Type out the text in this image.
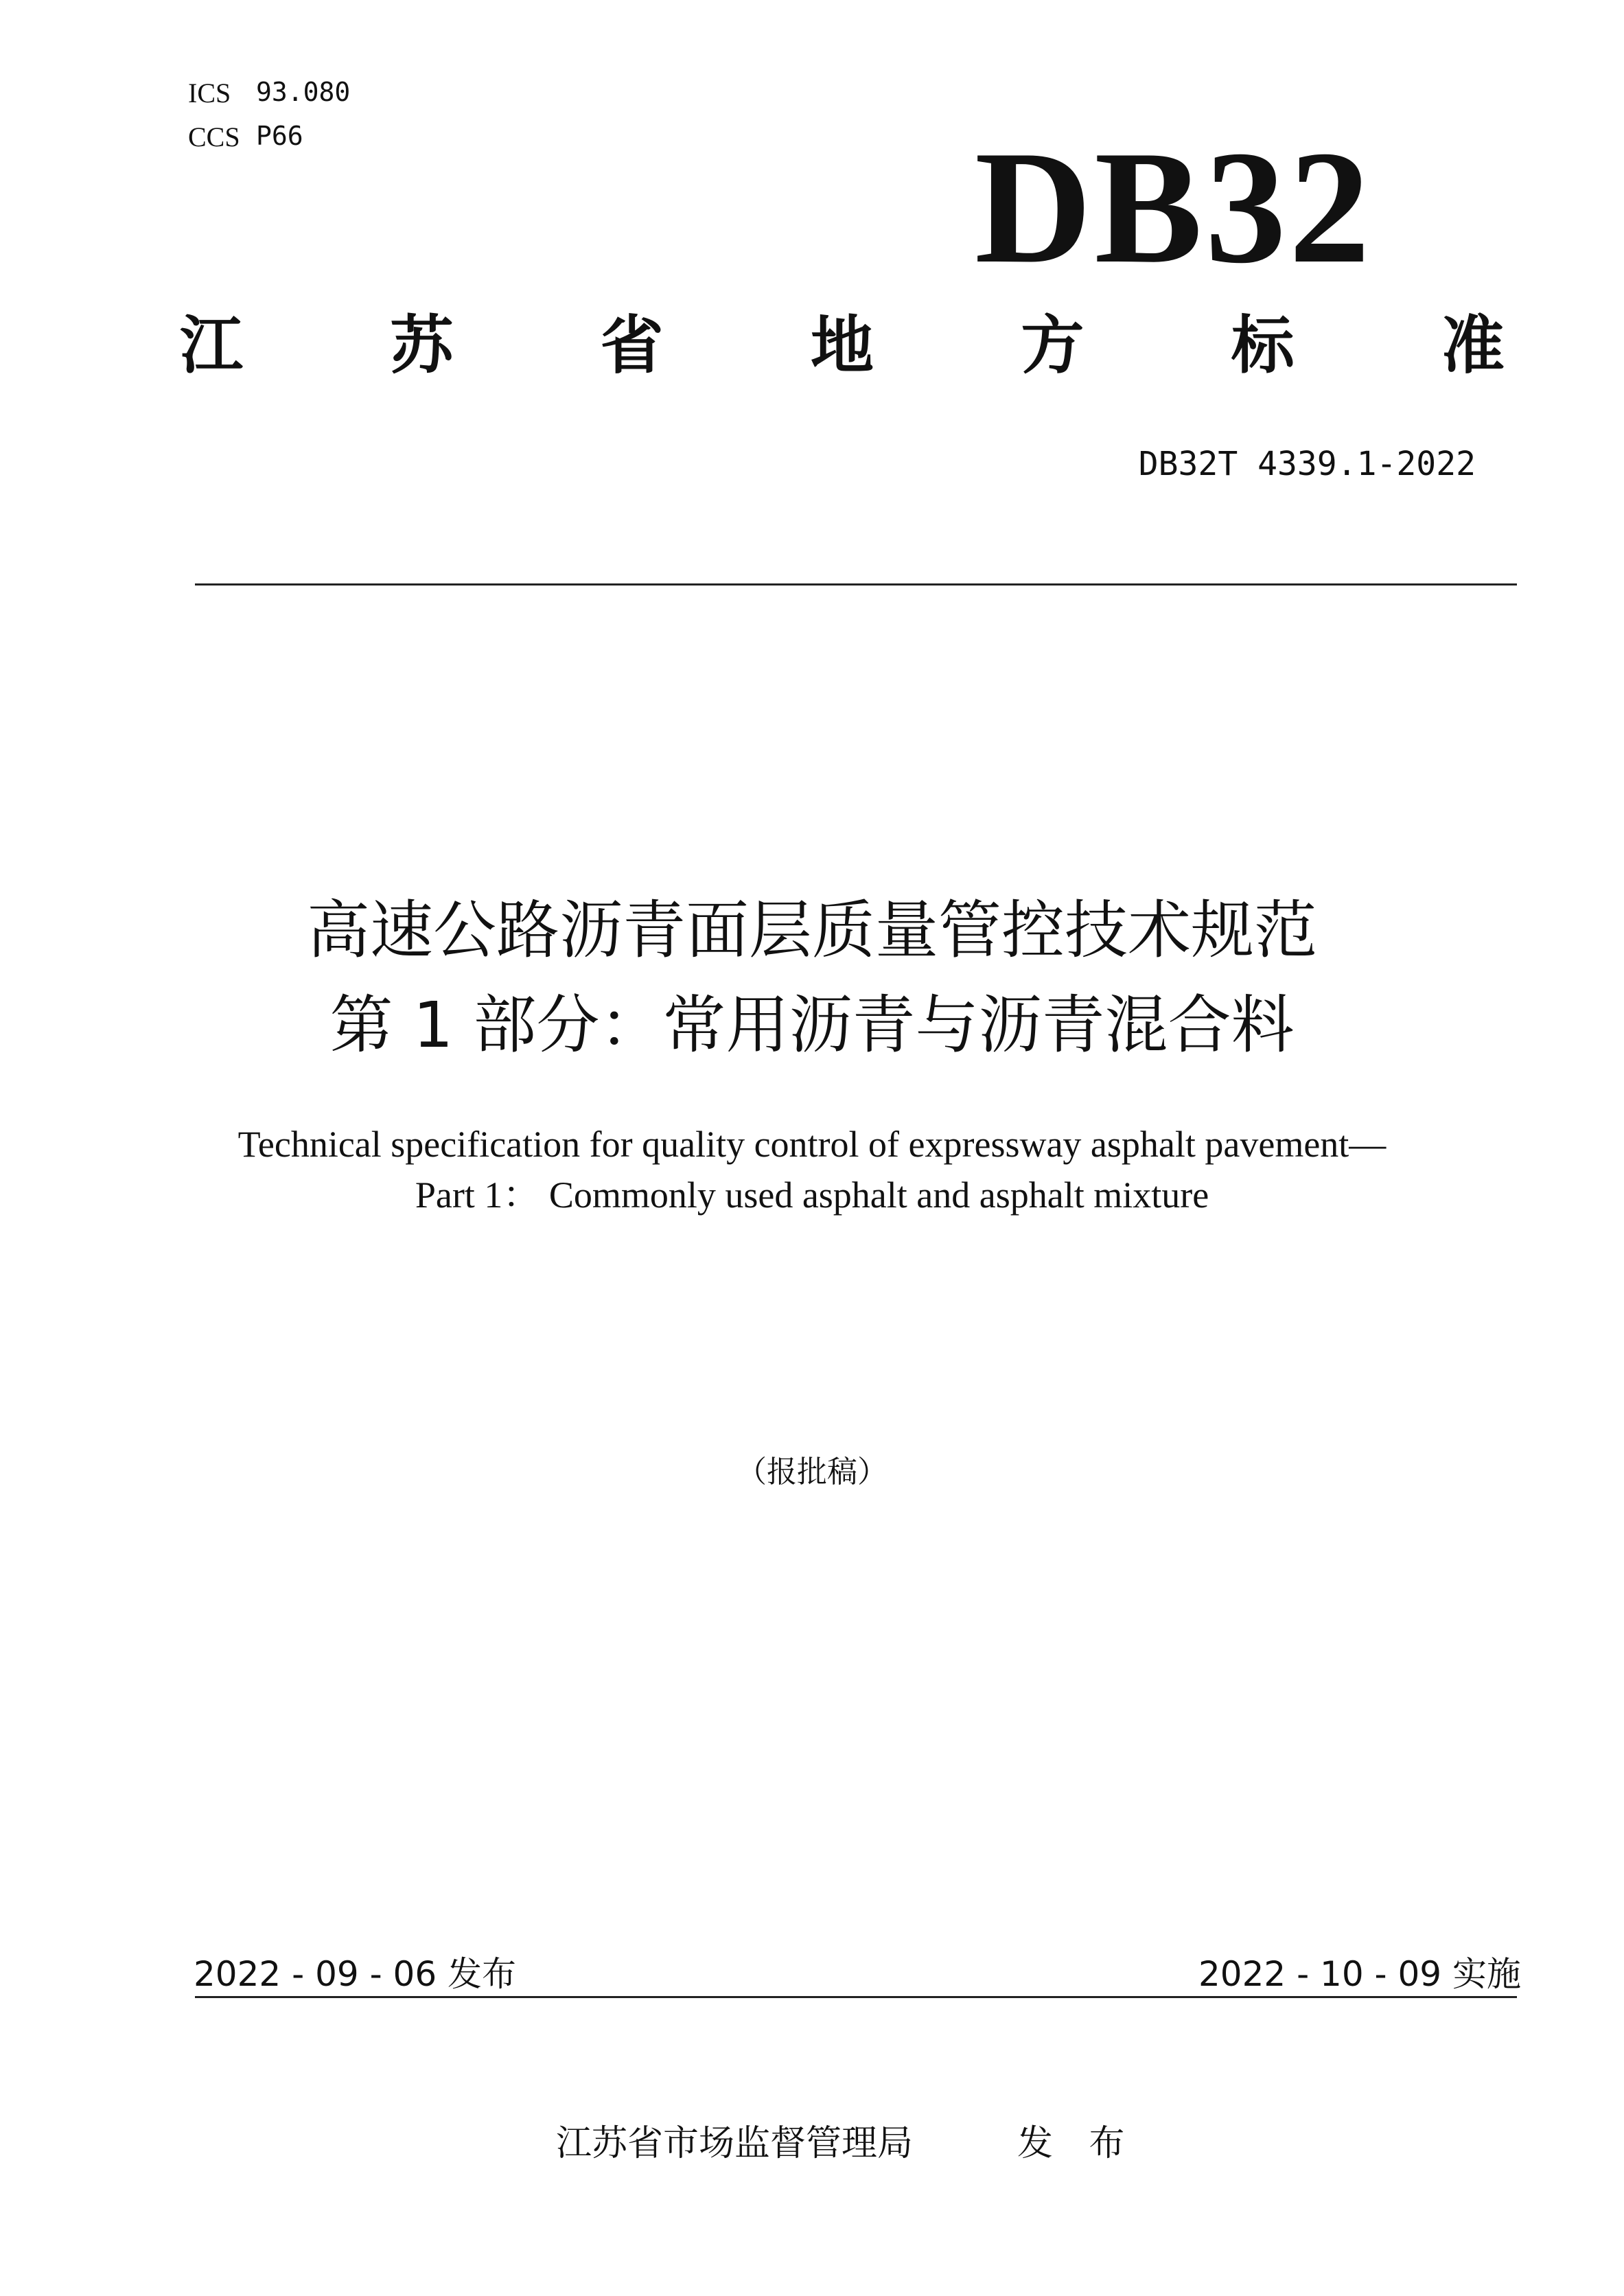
ICS 93.080
CCS P66	DB32
江 苏 省 地 方 标 准
DB32T 4339.1-2022
高速公路沥青面层质量管控技术规范
第 1 部分：常用沥青与沥青混合料
Technical specification for quality control of expressway asphalt pavement—
Part 1： Commonly used asphalt and asphalt mixture
（报批稿）
2022 - 09 - 06 发布	2022 - 10 - 09 实施
江苏省市场监督管理局	发 布
